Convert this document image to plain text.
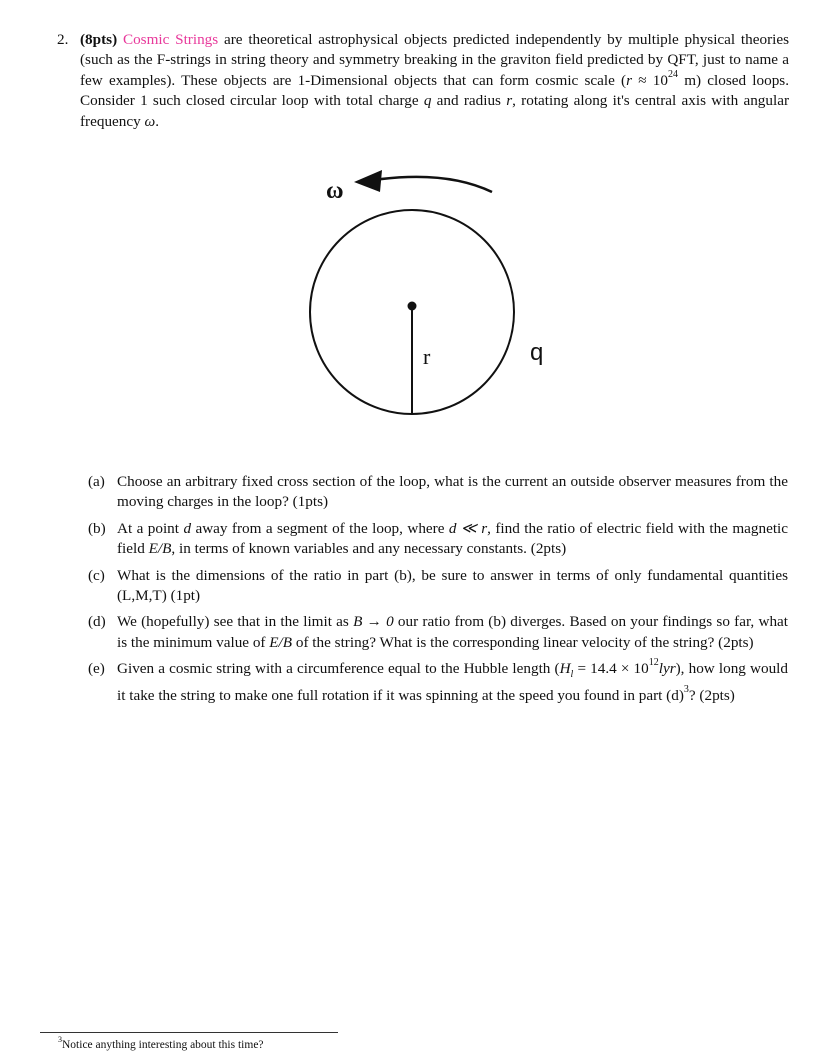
2. (8pts) Cosmic Strings are theoretical astrophysical objects predicted independently by multiple physical theories (such as the F-strings in string theory and symmetry breaking in the graviton field predicted by QFT, just to name a few examples). These objects are 1-Dimensional objects that can form cosmic scale ($r \approx 10^{24}$ m) closed loops. Consider 1 such closed circular loop with total charge q and radius r, rotating along it's central axis with angular frequency ω.
ω
r	q
(a) Choose an arbitrary fixed cross section of the loop, what is the current an outside observer measures from the moving charges in the loop? (1pts)
(b) At a point d away from a segment of the loop, where d ≪ r, find the ratio of electric field with the magnetic field E/B, in terms of known variables and any necessary constants. (2pts)
(c) What is the dimensions of the ratio in part (b), be sure to answer in terms of only fundamental quantities (L,M,T) (1pt)
(d) We (hopefully) see that in the limit as B → 0 our ratio from (b) diverges. Based on your findings so far, what is the minimum value of E/B of the string? What is the corresponding linear velocity of the string? (2pts)
(e) Given a cosmic string with a circumference equal to the Hubble length $(H_l = 14.4 \times 10^{12}lyr)$, how long would it take the string to make one full rotation if it was spinning at the speed you found in part $(d)^3$? (2pts)
$^3$Notice anything interesting about this time?
